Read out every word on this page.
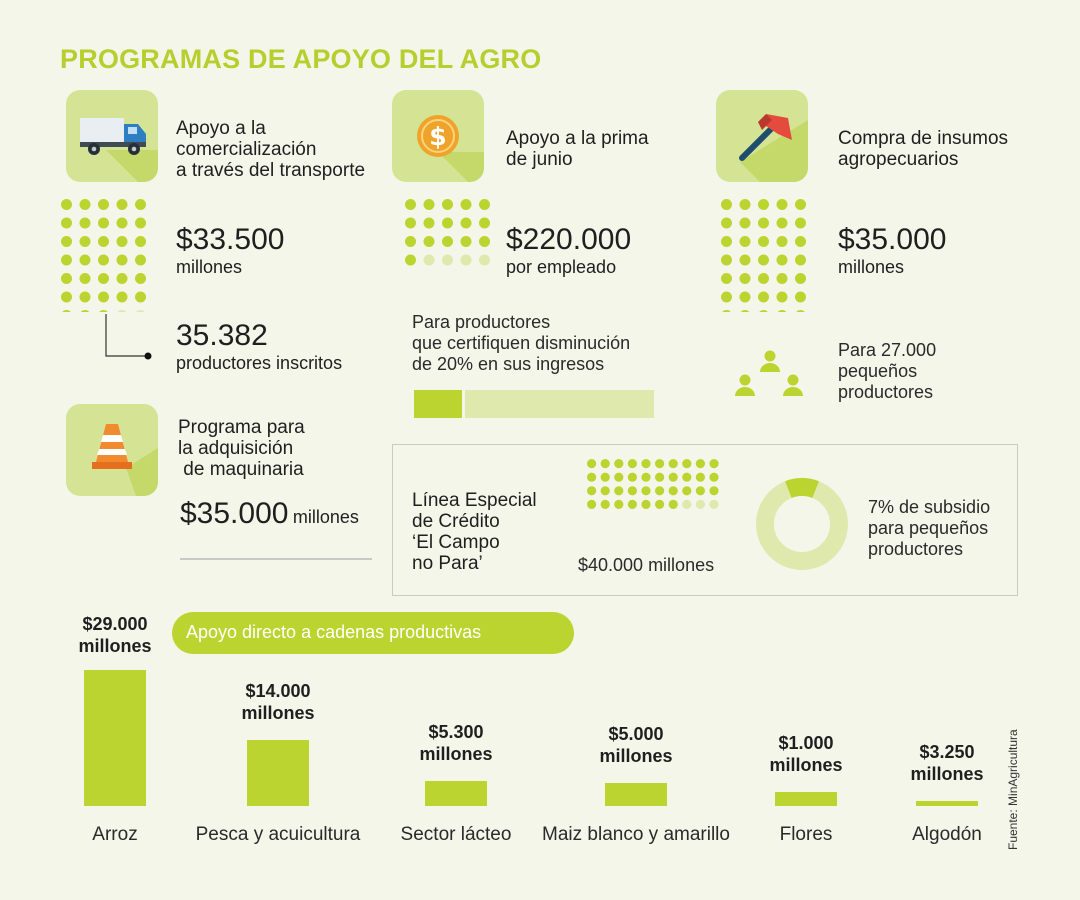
PROGRAMAS DE APOYO DEL AGRO
Apoyo a la
comercialización
a través del transporte
$33.500
millones
35.382
productores inscritos
$	Apoyo a la prima
de junio
$220.000
por empleado
Para productores
que certifiquen disminución
de 20% en sus ingresos
Compra de insumos
agropecuarios
$35.000
millones
Para 27.000
pequeños
productores
Programa para
la adquisición
de maquinaria
$35.000 millones
Línea Especial
de Crédito
‘El Campo
no Para’	$40.000 millones
7% de subsidio
para pequeños
productores
Apoyo directo a cadenas productivas
$29.000
millones
Arroz
$14.000
millones
Pesca y acuicultura
$5.300
millones
Sector lácteo
$5.000
millones
Maiz blanco y amarillo
$1.000
millones
Flores
$3.250
millones
Algodón	Fuente: MinAgricultura
